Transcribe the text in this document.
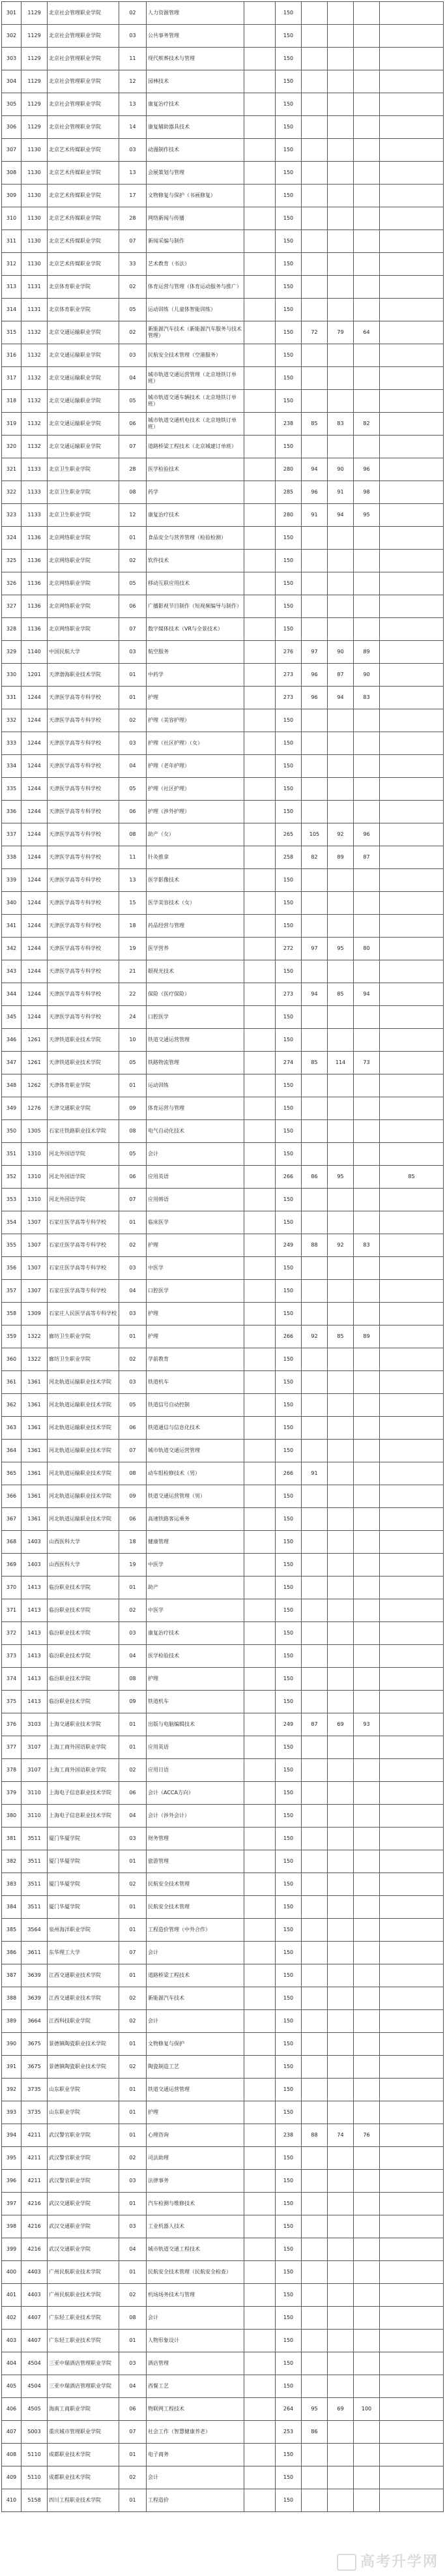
301	1129	北京社会管理职业学院	02	人力资源管理		150				
302	1129	北京社会管理职业学院	03	公共事务管理		150				
303	1129	北京社会管理职业学院	11	现代殡葬技术与管理		150				
304	1129	北京社会管理职业学院	12	园林技术		150				
305	1129	北京社会管理职业学院	13	康复治疗技术		150				
306	1129	北京社会管理职业学院	14	康复辅助器具技术		150				
307	1130	北京艺术传媒职业学院	03	动漫制作技术		150				
308	1130	北京艺术传媒职业学院	13	会展策划与管理		150				
309	1130	北京艺术传媒职业学院	17	文物修复与保护（书画修复）		150				
310	1130	北京艺术传媒职业学院	28	网络新闻与传播		150				
311	1130	北京艺术传媒职业学院	07	新闻采编与制作		150				
312	1130	北京艺术传媒职业学院	33	艺术教育（书法）		150				
313	1131	北京体育职业学院	02	体育运营与管理（体育运动服务与推广）		150				
314	1131	北京体育职业学院	05	运动训练（儿童体智能训练）		150				
315	1132	北京交通运输职业学院	02	新能源汽车技术（新能源汽车服务与技术管理）		150	72	79	64	
316	1132	北京交通运输职业学院	03	民航安全技术管理（空港服务）		150				
317	1132	北京交通运输职业学院	04	城市轨道交通运营管理（北京地铁订单班）		150				
318	1132	北京交通运输职业学院	05	城市轨道交通车辆技术（北京地铁订单班）		150				
319	1132	北京交通运输职业学院	06	城市轨道交通机电技术（北京地铁订单班）		238	85	83	82	
320	1132	北京交通运输职业学院	07	道路桥梁工程技术（北京城建订单班）		150				
321	1133	北京卫生职业学院	28	医学检验技术		280	94	90	96	
322	1133	北京卫生职业学院	08	药学		285	96	91	98	
323	1133	北京卫生职业学院	12	康复治疗技术		280	91	94	95	
324	1136	北京网络职业学院	01	食品安全与营养管理（检验检测）		150				
325	1136	北京网络职业学院	02	软件技术		150				
326	1136	北京网络职业学院	05	移动互联应用技术		150				
327	1136	北京网络职业学院	06	广播影视节目制作（短视频编导与制作）		150				
328	1136	北京网络职业学院	07	数字媒体技术（VR与全景技术）		150				
329	1140	中国民航大学	03	航空服务		276	97	90	89	
330	1201	天津渤海职业技术学院	01	中药学		273	96	87	90	
331	1244	天津医学高等专科学校	01	护理		273	96	94	83	
332	1244	天津医学高等专科学校	02	护理（美容护理）		150				
333	1244	天津医学高等专科学校	03	护理（社区护理）（女）		150				
334	1244	天津医学高等专科学校	04	护理（老年护理）		150				
335	1244	天津医学高等专科学校	05	护理（社区护理）		150				
336	1244	天津医学高等专科学校	06	护理（涉外护理）		150				
337	1244	天津医学高等专科学校	08	助产（女）		265	105	92	96	
338	1244	天津医学高等专科学校	11	针灸推拿		258	82	89	87	
339	1244	天津医学高等专科学校	13	医学影像技术		150				
340	1244	天津医学高等专科学校	15	医学美容技术（女）		150				
341	1244	天津医学高等专科学校	18	药品经营与管理		150				
342	1244	天津医学高等专科学校	19	医学营养		272	97	95	80	
343	1244	天津医学高等专科学校	21	眼视光技术		150				
344	1244	天津医学高等专科学校	22	保险（医疗保险）		273	94	85	94	
345	1244	天津医学高等专科学校	24	口腔医学		150				
346	1261	天津铁道职业技术学院	10	铁道交通运营管理		150				
347	1261	天津铁道职业技术学院	05	铁路物流管理		274	85	114	73	
348	1262	天津体育职业学院	01	运动训练		150				
349	1276	天津交通职业学院	09	体育运营与管理		150				
350	1305	石家庄铁路职业技术学院	08	电气自动化技术		150				
351	1310	河北外国语学院	05	会计		150				
352	1310	河北外国语学院	06	应用英语		266	86	95		85
353	1310	河北外国语学院	07	应用韩语		150				
354	1307	石家庄医学高等专科学校	01	临床医学		150				
355	1307	石家庄医学高等专科学校	02	护理		249	88	92	83	
356	1307	石家庄医学高等专科学校	03	中医学		150				
357	1307	石家庄医学高等专科学校	04	口腔医学		150				
358	1309	石家庄人民医学高等专科学校	03	护理		150				
359	1322	廊坊卫生职业学院	01	护理		266	92	85	89	
360	1322	廊坊卫生职业学院	02	学前教育		150				
361	1361	河北轨道运输职业技术学院	03	铁道机车		150				
362	1361	河北轨道运输职业技术学院	05	铁道信号自动控制		150				
363	1361	河北轨道运输职业技术学院	06	铁道通信与信息化技术		150				
364	1361	河北轨道运输职业技术学院	07	城市轨道交通运营管理		150				
365	1361	河北轨道运输职业技术学院	08	动车组检修技术（男）		266	91			
366	1361	河北轨道运输职业技术学院	09	铁道交通运营管理（男）		150				
367	1361	河北轨道运输职业技术学院	06	高速铁路客运乘务		150				
368	1403	山西医科大学	18	健康管理		150				
369	1403	山西医科大学	19	中医学		150				
370	1413	临汾职业技术学院	01	助产		150				
371	1413	临汾职业技术学院	02	中医学		150				
372	1413	临汾职业技术学院	03	康复治疗技术		150				
373	1413	临汾职业技术学院	04	医学检验技术		150				
374	1413	临汾职业技术学院	08	护理		150				
375	1413	临汾职业技术学院	09	铁道机车		150				
376	3103	上海交通职业技术学院	01	出版与电脑编辑技术		249	87	69	93	
377	3107	上海工商外国语职业学院	01	应用英语		150				
378	3107	上海工商外国语职业学院	02	应用日语		150				
379	3110	上海电子信息职业技术学院	06	会计（ACCA方向）		150				
380	3110	上海电子信息职业技术学院	04	会计（涉外会计）		150				
381	3511	厦门华厦学院	03	财务管理		150				
382	3511	厦门华厦学院	01	旅游管理		150				
383	3511	厦门华厦学院	02	民航安全技术管理		150				
384	3511	厦门华厦学院	01	民航安全技术管理		150				
385	3564	泉州海洋职业学院	01	工程造价管理（中外合作）		150				
386	3611	东华理工大学	07	会计		150				
387	3639	江西交通职业技术学院	01	道路桥梁工程技术		150				
388	3639	江西交通职业技术学院	02	新能源汽车技术		150				
389	3664	江西科技职业学院	02	会计		150				
390	3675	景德镇陶瓷职业技术学院	01	文物修复与保护		150				
391	3675	景德镇陶瓷职业技术学院	02	陶瓷制造工艺		150				
392	3735	山东职业学院	01	铁道交通运营管理		150				
393	3735	山东职业学院	01	护理		150				
394	4211	武汉警官职业学院	01	心理咨询		238	88	74	76	
395	4211	武汉警官职业学院	02	司法助理		150				
396	4211	武汉警官职业学院	03	法律事务		150				
397	4216	武汉交通职业学院	01	汽车检测与维修技术		150				
398	4216	武汉交通职业学院	03	工业机器人技术		150				
399	4216	武汉交通职业学院	04	城市轨道交通工程技术		150				
400	4403	广州民航职业技术学院	01	民航安全技术管理（民航安全检查）		150				
401	4403	广州民航职业技术学院	02	机场场务技术与管理		150				
402	4407	广东轻工职业技术学院	08	会计		150				
403	4407	广东轻工职业技术学院	01	人物形象设计		150				
404	4504	三亚中瑞酒店管理职业学院	03	酒店管理		150				
405	4504	三亚中瑞酒店管理职业学院	04	西餐工艺		150				
406	4505	海南工商职业学院	06	物联网工程技术		264	95	69	100	
407	5003	重庆城市管理职业学院	07	社会工作（智慧健康养老）		253	86			
408	5110	成都职业技术学院	01	电子商务		150				
409	5110	成都职业技术学院	02	会计		150				
410	5158	四川工程职业技术学院	01	工程造价		150				
高考升学网
